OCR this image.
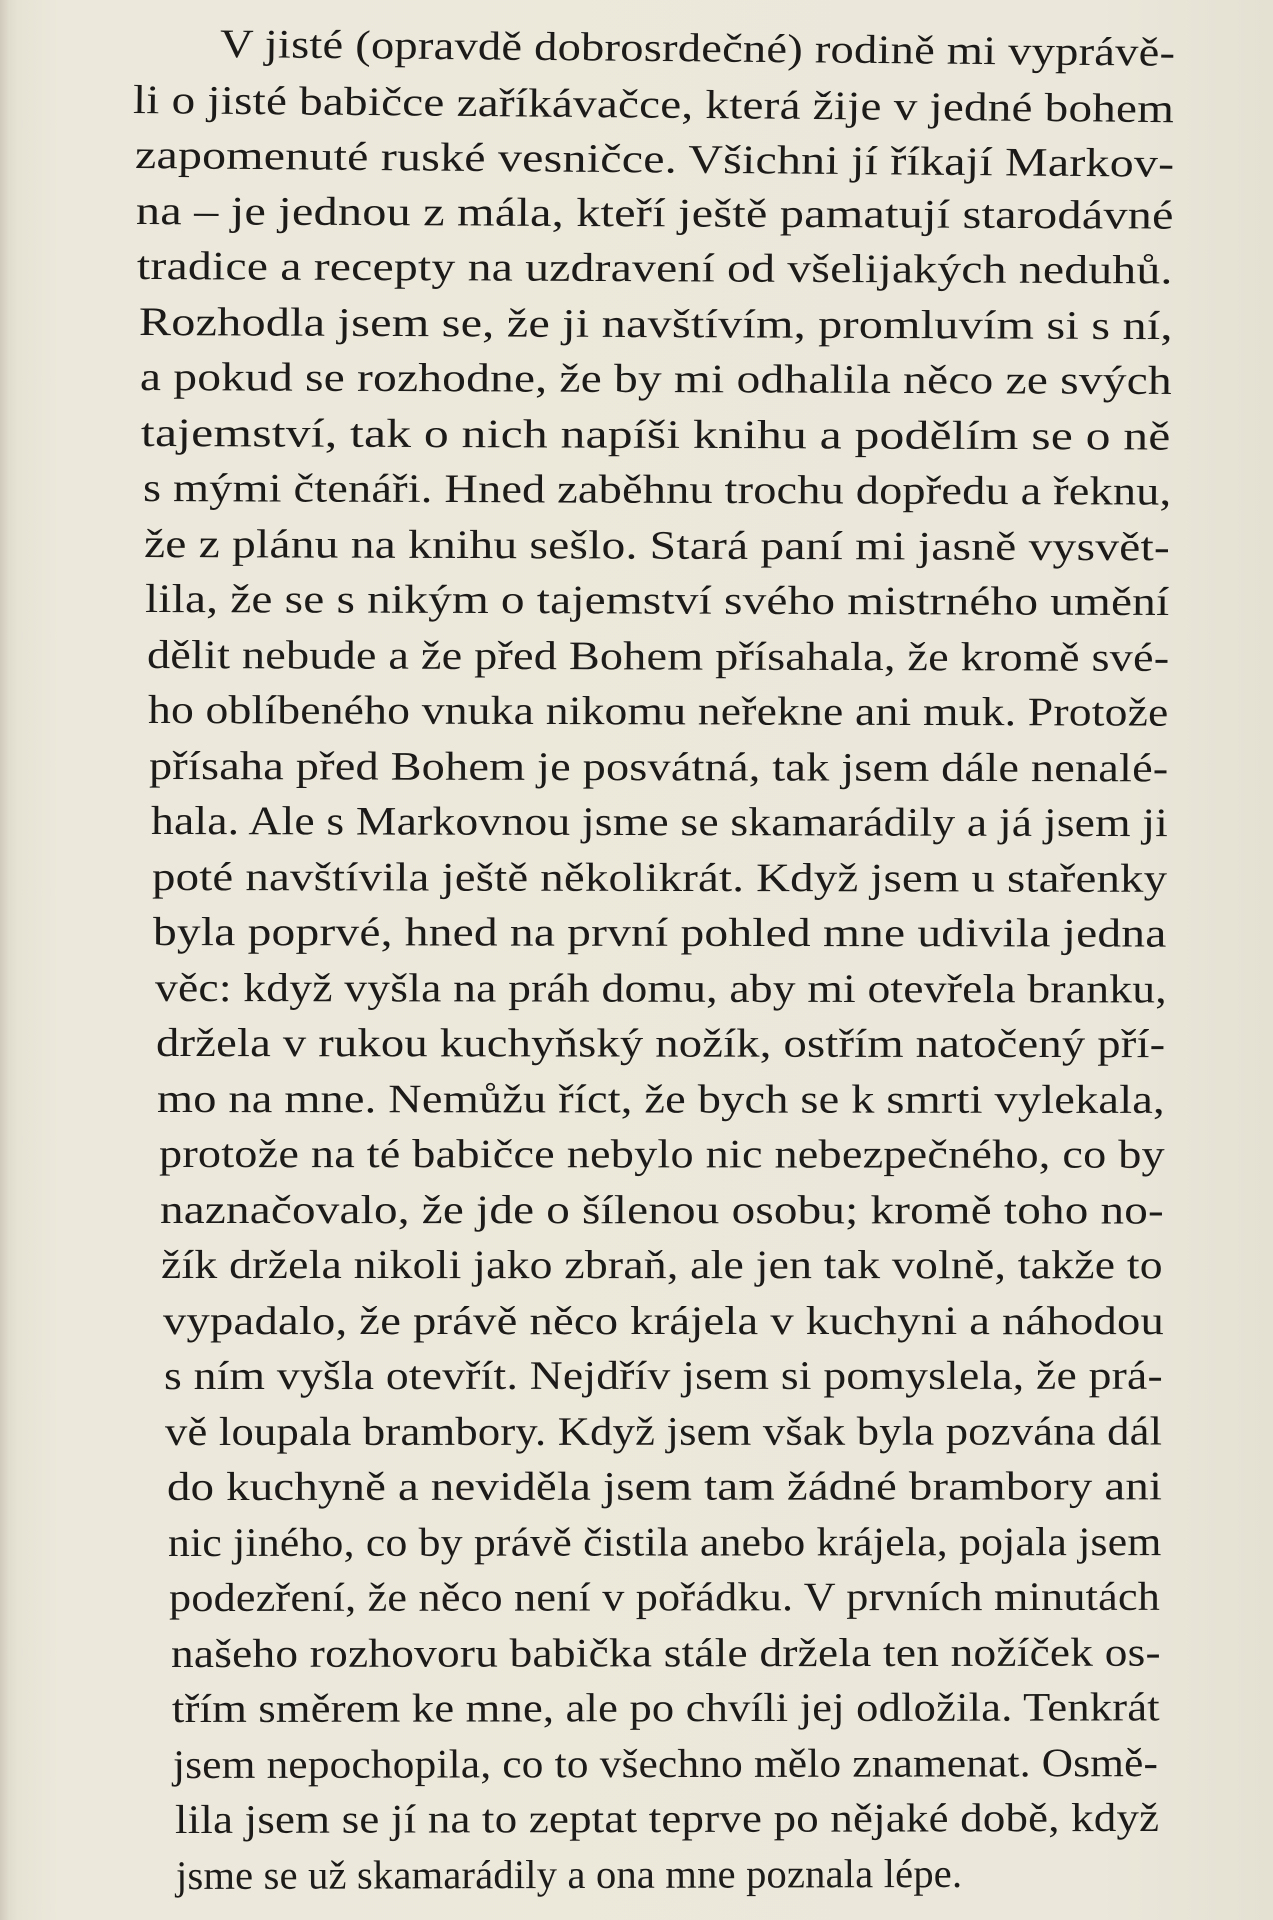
V jisté (opravdě dobrosrdečné) rodině mi vyprávě-
li o jisté babičce zaříkávačce, která žije v jedné bohem
zapomenuté ruské vesničce. Všichni jí říkají Markov-
na – je jednou z mála, kteří ještě pamatují starodávné
tradice a recepty na uzdravení od všelijakých neduhů.
Rozhodla jsem se, že ji navštívím, promluvím si s ní,
a pokud se rozhodne, že by mi odhalila něco ze svých
tajemství, tak o nich napíši knihu a podělím se o ně
s mými čtenáři. Hned zaběhnu trochu dopředu a řeknu,
že z plánu na knihu sešlo. Stará paní mi jasně vysvět-
lila, že se s nikým o tajemství svého mistrného umění
dělit nebude a že před Bohem přísahala, že kromě své-
ho oblíbeného vnuka nikomu neřekne ani muk. Protože
přísaha před Bohem je posvátná, tak jsem dále nenalé-
hala. Ale s Markovnou jsme se skamarádily a já jsem ji
poté navštívila ještě několikrát. Když jsem u stařenky
byla poprvé, hned na první pohled mne udivila jedna
věc: když vyšla na práh domu, aby mi otevřela branku,
držela v rukou kuchyňský nožík, ostřím natočený pří-
mo na mne. Nemůžu říct, že bych se k smrti vylekala,
protože na té babičce nebylo nic nebezpečného, co by
naznačovalo, že jde o šílenou osobu; kromě toho no-
žík držela nikoli jako zbraň, ale jen tak volně, takže to
vypadalo, že právě něco krájela v kuchyni a náhodou
s ním vyšla otevřít. Nejdřív jsem si pomyslela, že prá-
vě loupala brambory. Když jsem však byla pozvána dál
do kuchyně a neviděla jsem tam žádné brambory ani
nic jiného, co by právě čistila anebo krájela, pojala jsem
podezření, že něco není v pořádku. V prvních minutách
našeho rozhovoru babička stále držela ten nožíček os-
třím směrem ke mne, ale po chvíli jej odložila. Tenkrát
jsem nepochopila, co to všechno mělo znamenat. Osmě-
lila jsem se jí na to zeptat teprve po nějaké době, když
jsme se už skamarádily a ona mne poznala lépe.
